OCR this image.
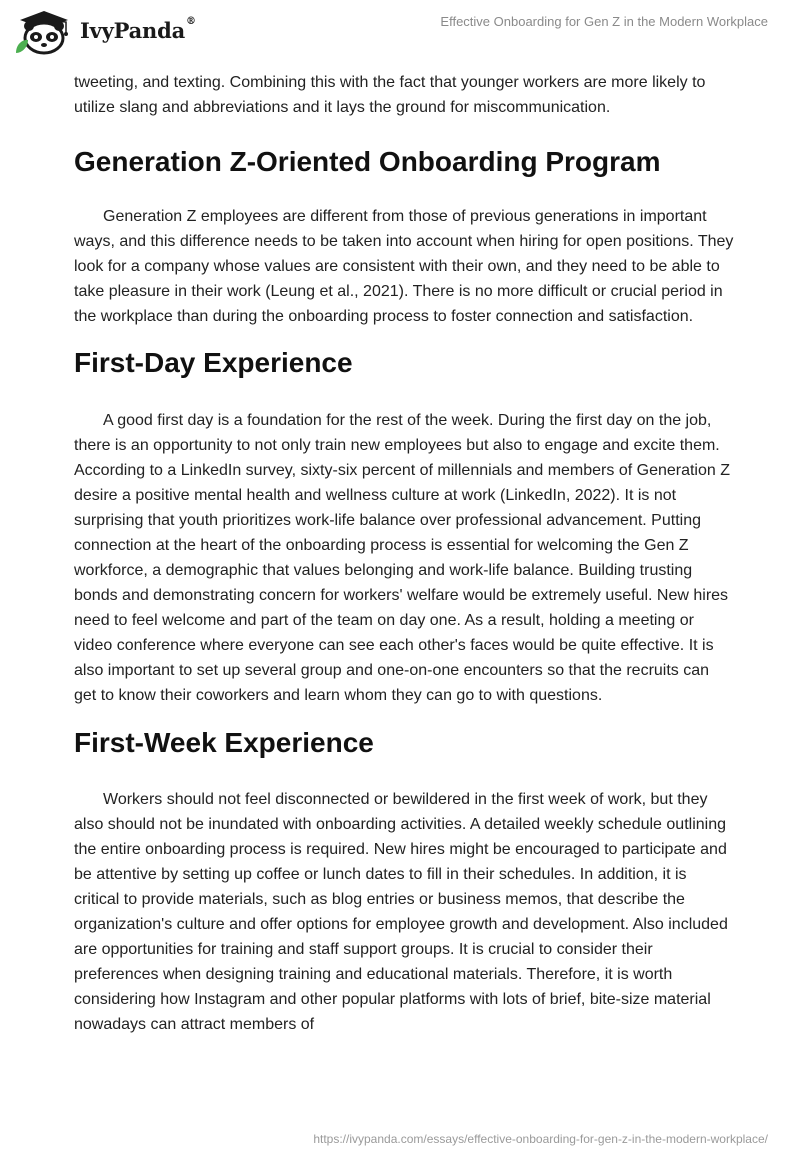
IvyPanda®	Effective Onboarding for Gen Z in the Modern Workplace

tweeting, and texting. Combining this with the fact that younger workers are more likely to utilize slang and abbreviations and it lays the ground for miscommunication.

Generation Z-Oriented Onboarding Program

Generation Z employees are different from those of previous generations in important ways, and this difference needs to be taken into account when hiring for open positions. They look for a company whose values are consistent with their own, and they need to be able to take pleasure in their work (Leung et al., 2021). There is no more difficult or crucial period in the workplace than during the onboarding process to foster connection and satisfaction.

First-Day Experience

A good first day is a foundation for the rest of the week. During the first day on the job, there is an opportunity to not only train new employees but also to engage and excite them. According to a LinkedIn survey, sixty-six percent of millennials and members of Generation Z desire a positive mental health and wellness culture at work (LinkedIn, 2022). It is not surprising that youth prioritizes work-life balance over professional advancement. Putting connection at the heart of the onboarding process is essential for welcoming the Gen Z workforce, a demographic that values belonging and work-life balance. Building trusting bonds and demonstrating concern for workers' welfare would be extremely useful. New hires need to feel welcome and part of the team on day one. As a result, holding a meeting or video conference where everyone can see each other's faces would be quite effective. It is also important to set up several group and one-on-one encounters so that the recruits can get to know their coworkers and learn whom they can go to with questions.

First-Week Experience

Workers should not feel disconnected or bewildered in the first week of work, but they also should not be inundated with onboarding activities. A detailed weekly schedule outlining the entire onboarding process is required. New hires might be encouraged to participate and be attentive by setting up coffee or lunch dates to fill in their schedules. In addition, it is critical to provide materials, such as blog entries or business memos, that describe the organization's culture and offer options for employee growth and development. Also included are opportunities for training and staff support groups. It is crucial to consider their preferences when designing training and educational materials. Therefore, it is worth considering how Instagram and other popular platforms with lots of brief, bite-size material nowadays can attract members of

https://ivypanda.com/essays/effective-onboarding-for-gen-z-in-the-modern-workplace/
